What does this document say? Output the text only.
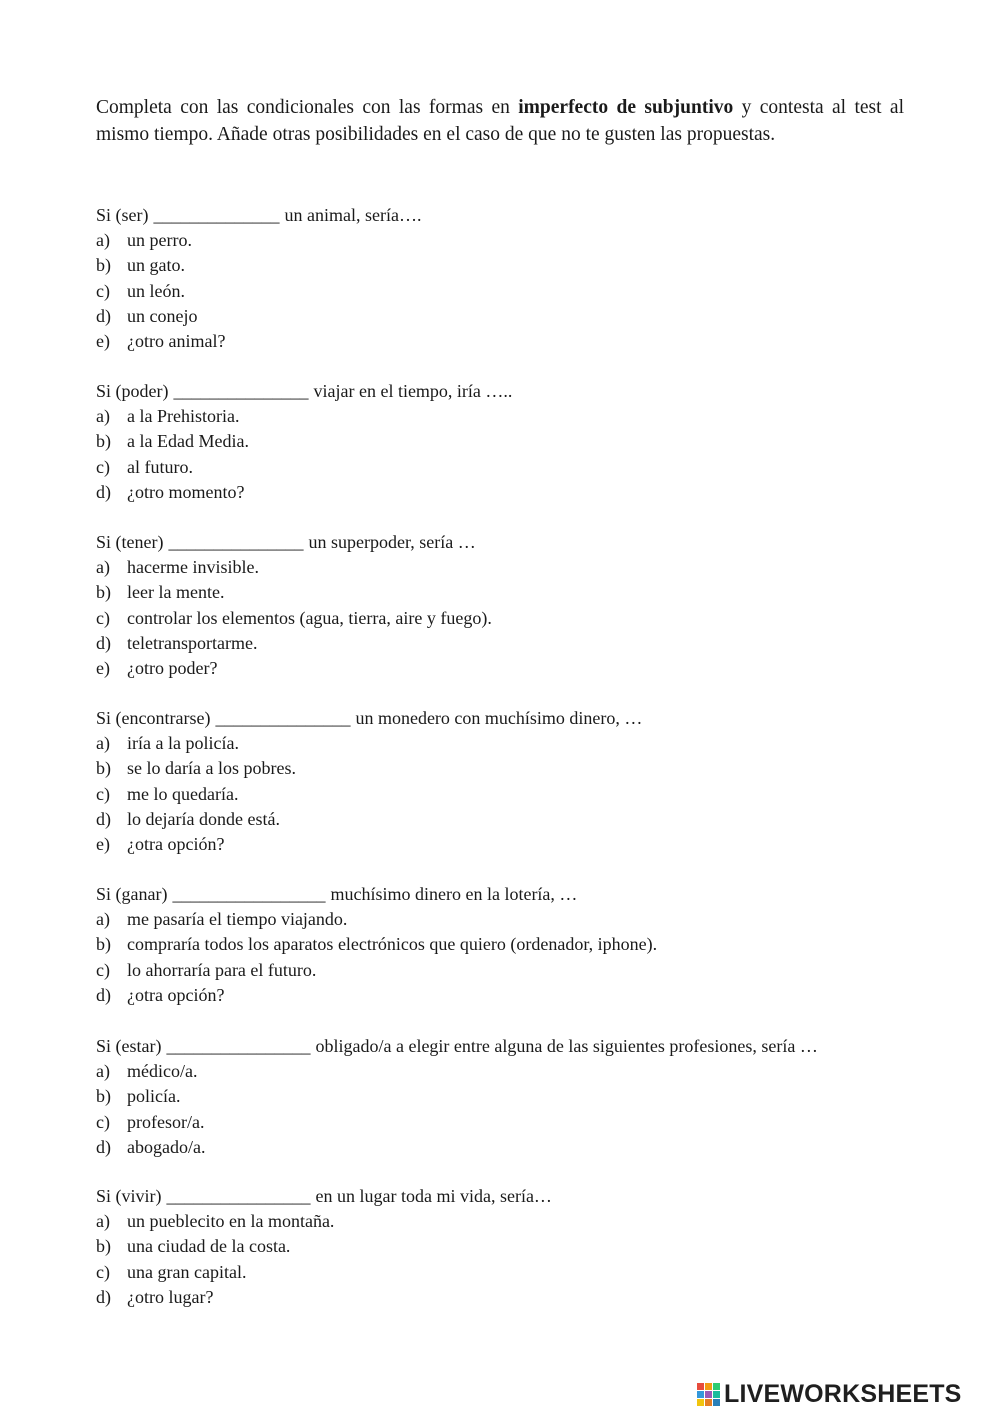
Completa con las condicionales con las formas en imperfecto de subjuntivo y contesta al test al mismo tiempo. Añade otras posibilidades en el caso de que no te gusten las propuestas.

Si (ser) ______________ un animal, sería….
a) un perro.
b) un gato.
c) un león.
d) un conejo
e) ¿otro animal?
Si (poder) _______________ viajar en el tiempo, iría …..
a) a la Prehistoria.
b) a la Edad Media.
c) al futuro.
d) ¿otro momento?
Si (tener) _______________ un superpoder, sería …
a) hacerme invisible.
b) leer la mente.
c) controlar los elementos (agua, tierra, aire y fuego).
d) teletransportarme.
e) ¿otro poder?
Si (encontrarse) _______________ un monedero con muchísimo dinero, …
a) iría a la policía.
b) se lo daría a los pobres.
c) me lo quedaría.
d) lo dejaría donde está.
e) ¿otra opción?
Si (ganar) _________________ muchísimo dinero en la lotería, …
a) me pasaría el tiempo viajando.
b) compraría todos los aparatos electrónicos que quiero (ordenador, iphone).
c) lo ahorraría para el futuro.
d) ¿otra opción?
Si (estar) ________________ obligado/a a elegir entre alguna de las siguientes profesiones, sería …
a) médico/a.
b) policía.
c) profesor/a.
d) abogado/a.
Si (vivir) ________________ en un lugar toda mi vida, sería…
a) un pueblecito en la montaña.
b) una ciudad de la costa.
c) una gran capital.
d) ¿otro lugar?
LIVEWORKSHEETS
